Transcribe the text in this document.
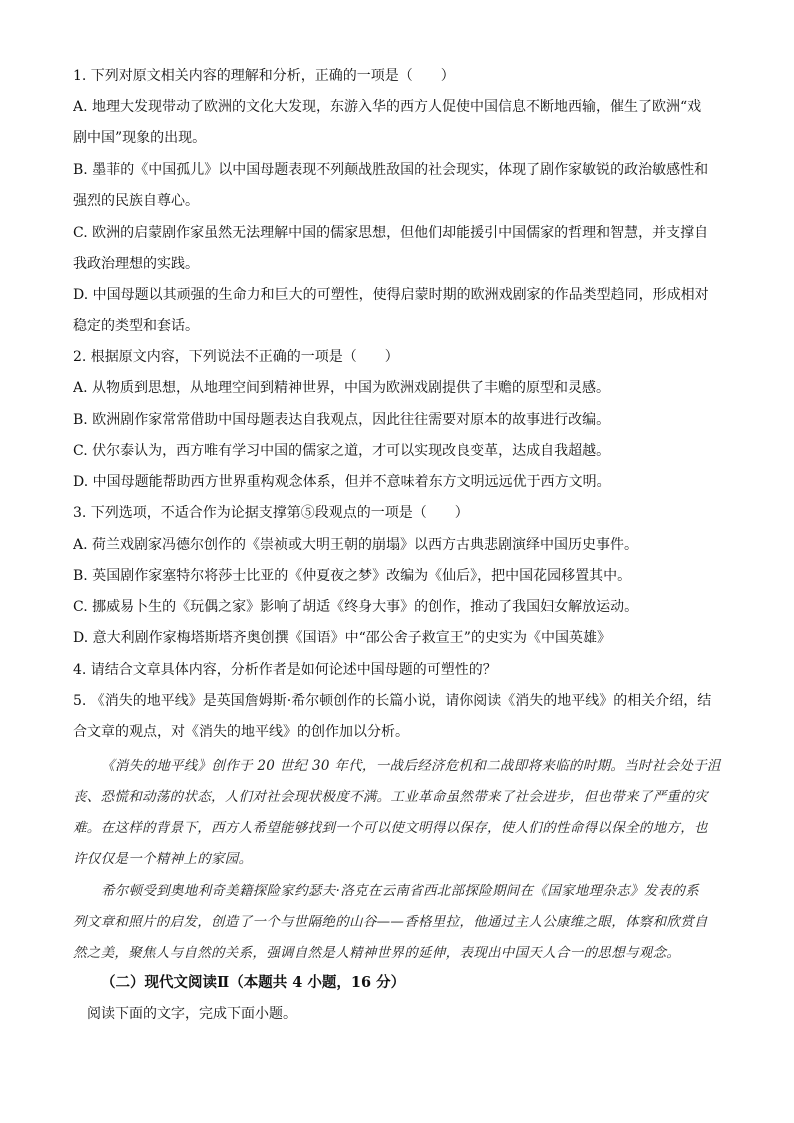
1. 下列对原文相关内容的理解和分析，正确的一项是（　　）
A. 地理大发现带动了欧洲的文化大发现，东游入华的西方人促使中国信息不断地西输，催生了欧洲“戏
剧中国”现象的出现。
B. 墨菲的《中国孤儿》以中国母题表现不列颠战胜敌国的社会现实，体现了剧作家敏锐的政治敏感性和
强烈的民族自尊心。
C. 欧洲的启蒙剧作家虽然无法理解中国的儒家思想，但他们却能援引中国儒家的哲理和智慧，并支撑自
我政治理想的实践。
D. 中国母题以其顽强的生命力和巨大的可塑性，使得启蒙时期的欧洲戏剧家的作品类型趋同，形成相对
稳定的类型和套话。
2. 根据原文内容，下列说法不正确的一项是（　　）
A. 从物质到思想，从地理空间到精神世界，中国为欧洲戏剧提供了丰赡的原型和灵感。
B. 欧洲剧作家常常借助中国母题表达自我观点，因此往往需要对原本的故事进行改编。
C. 伏尔泰认为，西方唯有学习中国的儒家之道，才可以实现改良变革，达成自我超越。
D. 中国母题能帮助西方世界重构观念体系，但并不意味着东方文明远远优于西方文明。
3. 下列选项，不适合作为论据支撑第⑤段观点的一项是（　　）
A. 荷兰戏剧家冯德尔创作的《崇祯或大明王朝的崩塌》以西方古典悲剧演绎中国历史事件。
B. 英国剧作家塞特尔将莎士比亚的《仲夏夜之梦》改编为《仙后》，把中国花园移置其中。
C. 挪威易卜生的《玩偶之家》影响了胡适《终身大事》的创作，推动了我国妇女解放运动。
D. 意大利剧作家梅塔斯塔齐奥创撰《国语》中“邵公舍子救宣王”的史实为《中国英雄》
4. 请结合文章具体内容，分析作者是如何论述中国母题的可塑性的？
5. 《消失的地平线》是英国詹姆斯·希尔顿创作的长篇小说，请你阅读《消失的地平线》的相关介绍，结
合文章的观点，对《消失的地平线》的创作加以分析。
《消失的地平线》创作于 20 世纪 30 年代，一战后经济危机和二战即将来临的时期。当时社会处于沮
丧、恐慌和动荡的状态，人们对社会现状极度不满。工业革命虽然带来了社会进步，但也带来了严重的灾
难。在这样的背景下，西方人希望能够找到一个可以使文明得以保存，使人们的性命得以保全的地方，也
许仅仅是一个精神上的家园。
希尔顿受到奥地利奇美籍探险家约瑟夫·洛克在云南省西北部探险期间在《国家地理杂志》发表的系
列文章和照片的启发，创造了一个与世隔绝的山谷——香格里拉，他通过主人公康维之眼，体察和欣赏自
然之美，聚焦人与自然的关系，强调自然是人精神世界的延伸，表现出中国天人合一的思想与观念。
（二）现代文阅读Ⅱ（本题共 4 小题，16 分）
阅读下面的文字，完成下面小题。
